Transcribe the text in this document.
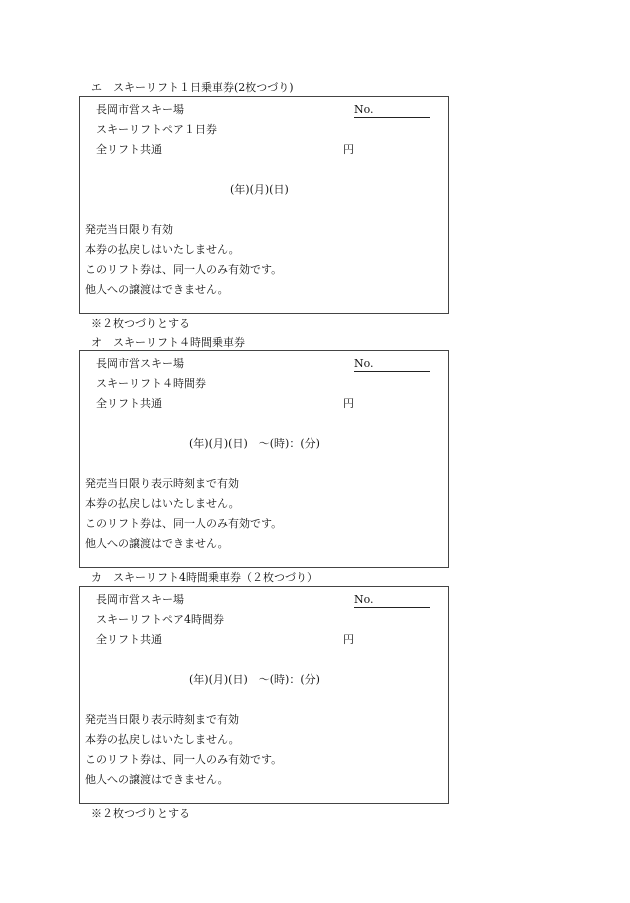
エ　スキーリフト１日乗車券(2枚つづり)
長岡市営スキー場	No.
スキーリフトペア１日券
全リフト共通	円
(年)(月)(日)
発売当日限り有効
本券の払戻しはいたしません。
このリフト券は、同一人のみ有効です。
他人への譲渡はできません。
※２枚つづりとする
オ　スキーリフト４時間乗車券
長岡市営スキー場	No.
スキーリフト４時間券
全リフト共通	円
(年)(月)(日)　～(時)：(分)
発売当日限り表示時刻まで有効
本券の払戻しはいたしません。
このリフト券は、同一人のみ有効です。
他人への譲渡はできません。
カ　スキーリフト4時間乗車券（２枚つづり）
長岡市営スキー場	No.
スキーリフトペア4時間券
全リフト共通	円
(年)(月)(日)　～(時)：(分)
発売当日限り表示時刻まで有効
本券の払戻しはいたしません。
このリフト券は、同一人のみ有効です。
他人への譲渡はできません。
※２枚つづりとする
